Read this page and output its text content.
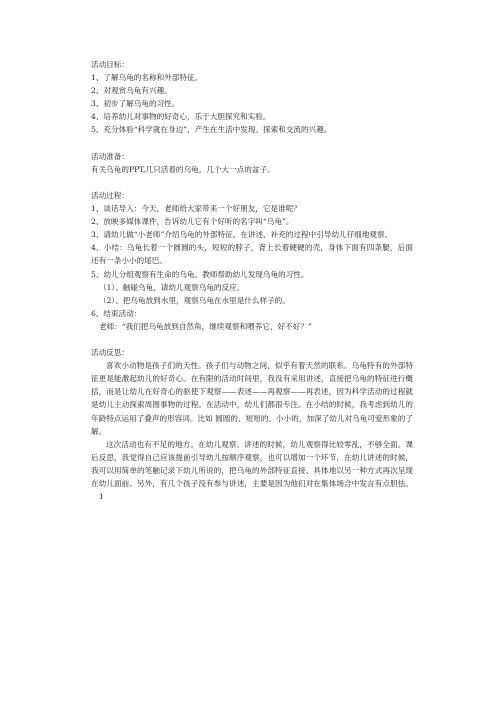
活动目标：
1、了解乌龟的名称和外部特征。
2、对观赏乌龟有兴趣。
3、初步了解乌龟的习性。
4、培养幼儿对事物的好奇心，乐于大胆探究和实验。
5、充分体验“科学就在身边”，产生在生活中发现、探索和交流的兴趣。
活动准备：
有关乌龟的PPT,几只活着的乌龟，几个大一点的盆子。
活动过程：
1、谈话导入：今天，老师给大家带来一个好朋友，它是谁呢？
2、放映多媒体课件，告诉幼儿它有个好听的名字叫“乌龟”。
3、请幼儿做“小老师”介绍乌龟的外部特征。在讲述、补充的过程中引导幼儿仔细地观察。
4、小结：乌龟长着一个圆圆的头，短短的脖子，背上长着硬硬的壳，身体下面有四条腿，后面还有一条小小的尾巴。
5、幼儿分组观察有生命的乌龟。教师帮助幼儿发现乌龟的习性。
（1）、触碰乌龟，请幼儿观察乌龟的反应。
（2）、把乌龟放到水里，观察乌龟在水里是什么样子的。
6、结束活动：
老师：“我们把乌龟放到自然角，继续观察和喂养它，好不好？”
活动反思：
喜欢小动物是孩子们的天性。孩子们与动物之间，似乎有着天然的联系。乌龟特有的外部特征更是能激起幼儿的好奇心。在有限的活动时间里，我没有采用讲述，直接把乌龟的特征进行概括，而是让幼儿在好奇心的驱使下观察——表述——再观察——再表述，因为科学活动的过程就是幼儿主动探索周围事物的过程。在活动中，幼儿们都很专注。在小结的时候，我考虑到幼儿的年龄特点运用了叠声的形容词。比如 圆圆的、短短的、小小的，加深了幼儿对乌龟可爱形象的了解。
这次活动也有不足的地方。在幼儿观察、讲述的时候，幼儿观察得比较零乱，不够全面。课后反思，我觉得自己应该提前引导幼儿按顺序观察，也可以增加一个环节，在幼儿讲述的时候，我可以用简单的笔触记录下幼儿所说的，把乌龟的外部特征直接、具体地以另一种方式再次呈现在幼儿面前。另外，有几个孩子没有参与讲述，主要是因为他们对在集体场合中发言有点胆怯。1
